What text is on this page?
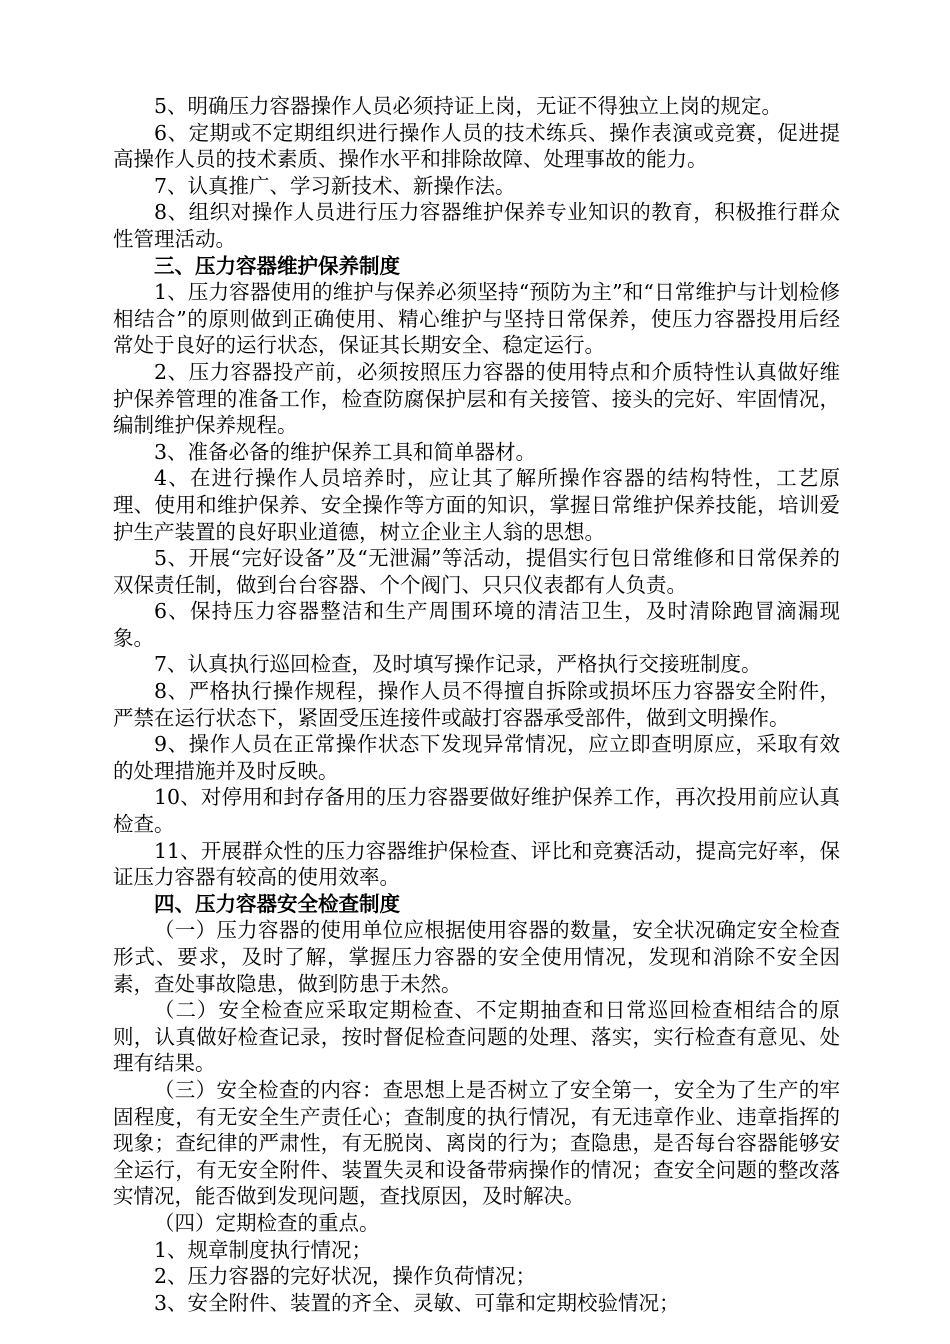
5、明确压力容器操作人员必须持证上岗，无证不得独立上岗的规定。

6、定期或不定期组织进行操作人员的技术练兵、操作表演或竞赛，促进提高操作人员的技术素质、操作水平和排除故障、处理事故的能力。

7、认真推广、学习新技术、新操作法。

8、组织对操作人员进行压力容器维护保养专业知识的教育，积极推行群众性管理活动。

三、压力容器维护保养制度

1、压力容器使用的维护与保养必须坚持“预防为主”和“日常维护与计划检修相结合”的原则做到正确使用、精心维护与坚持日常保养，使压力容器投用后经常处于良好的运行状态，保证其长期安全、稳定运行。

2、压力容器投产前，必须按照压力容器的使用特点和介质特性认真做好维护保养管理的准备工作，检查防腐保护层和有关接管、接头的完好、牢固情况，编制维护保养规程。

3、准备必备的维护保养工具和简单器材。

4、在进行操作人员培养时，应让其了解所操作容器的结构特性，工艺原理、使用和维护保养、安全操作等方面的知识，掌握日常维护保养技能，培训爱护生产装置的良好职业道德，树立企业主人翁的思想。

5、开展“完好设备”及“无泄漏”等活动，提倡实行包日常维修和日常保养的双保责任制，做到台台容器、个个阀门、只只仪表都有人负责。

6、保持压力容器整洁和生产周围环境的清洁卫生，及时清除跑冒滴漏现象。

7、认真执行巡回检查，及时填写操作记录，严格执行交接班制度。

8、严格执行操作规程，操作人员不得擅自拆除或损坏压力容器安全附件，严禁在运行状态下，紧固受压连接件或敲打容器承受部件，做到文明操作。

9、操作人员在正常操作状态下发现异常情况，应立即查明原应，采取有效的处理措施并及时反映。

10、对停用和封存备用的压力容器要做好维护保养工作，再次投用前应认真检查。

11、开展群众性的压力容器维护保检查、评比和竞赛活动，提高完好率，保证压力容器有较高的使用效率。

四、压力容器安全检查制度

（一）压力容器的使用单位应根据使用容器的数量，安全状况确定安全检查形式、要求，及时了解，掌握压力容器的安全使用情况，发现和消除不安全因素，查处事故隐患，做到防患于未然。

（二）安全检查应采取定期检查、不定期抽查和日常巡回检查相结合的原则，认真做好检查记录，按时督促检查问题的处理、落实，实行检查有意见、处理有结果。

（三）安全检查的内容：查思想上是否树立了安全第一，安全为了生产的牢固程度，有无安全生产责任心；查制度的执行情况，有无违章作业、违章指挥的现象；查纪律的严肃性，有无脱岗、离岗的行为；查隐患，是否每台容器能够安全运行，有无安全附件、装置失灵和设备带病操作的情况；查安全问题的整改落实情况，能否做到发现问题，查找原因，及时解决。

（四）定期检查的重点。

1、规章制度执行情况；

2、压力容器的完好状况，操作负荷情况；

3、安全附件、装置的齐全、灵敏、可靠和定期校验情况；
